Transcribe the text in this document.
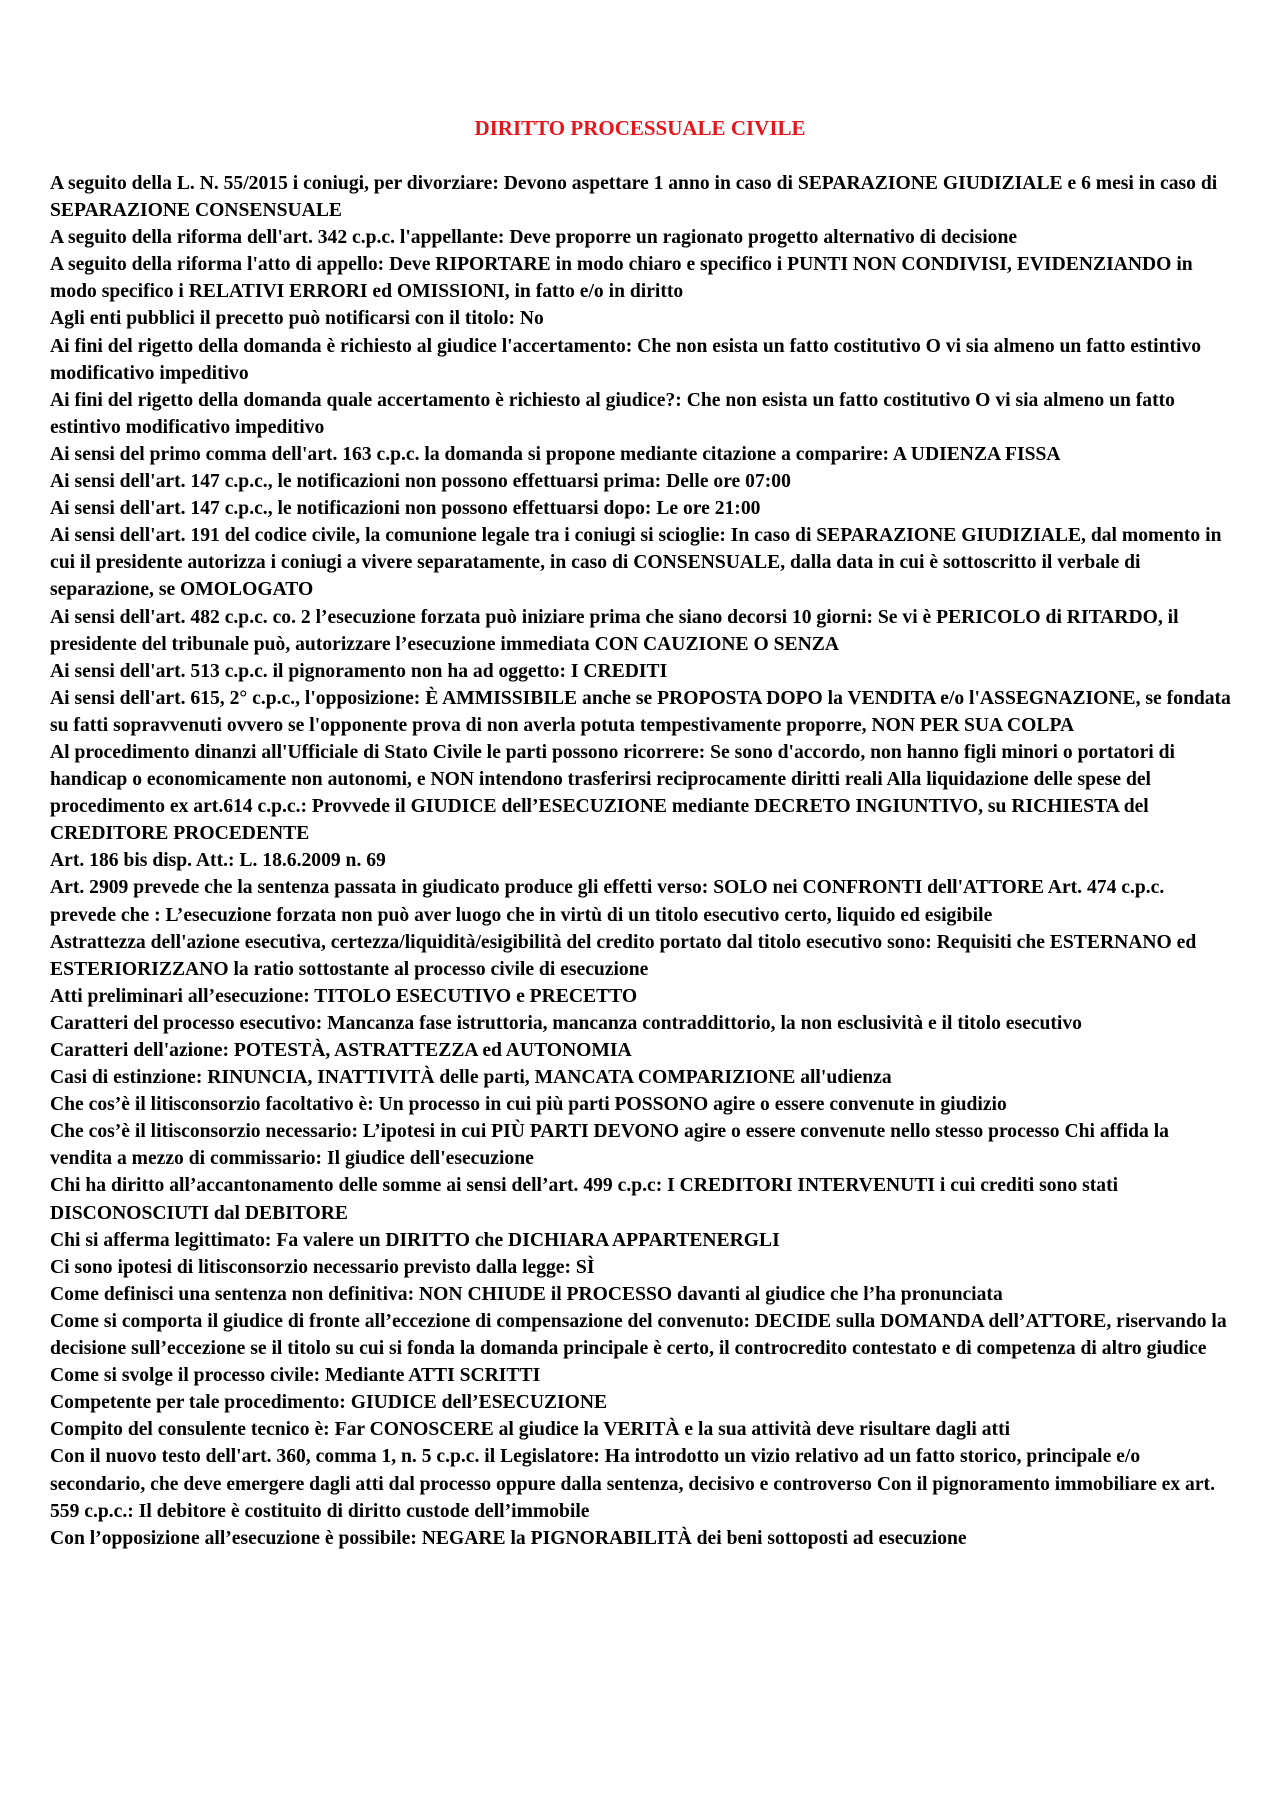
DIRITTO PROCESSUALE CIVILE

A seguito della L. N. 55/2015 i coniugi, per divorziare: Devono aspettare 1 anno in caso di SEPARAZIONE GIUDIZIALE e 6 mesi in caso di SEPARAZIONE CONSENSUALE

A seguito della riforma dell'art. 342 c.p.c. l'appellante: Deve proporre un ragionato progetto alternativo di decisione

A seguito della riforma l'atto di appello: Deve RIPORTARE in modo chiaro e specifico i PUNTI NON CONDIVISI, EVIDENZIANDO in modo specifico i RELATIVI ERRORI ed OMISSIONI, in fatto e/o in diritto

Agli enti pubblici il precetto può notificarsi con il titolo: No

Ai fini del rigetto della domanda è richiesto al giudice l'accertamento: Che non esista un fatto costitutivo O vi sia almeno un fatto estintivo modificativo impeditivo

Ai fini del rigetto della domanda quale accertamento è richiesto al giudice?: Che non esista un fatto costitutivo O vi sia almeno un fatto estintivo modificativo impeditivo

Ai sensi del primo comma dell'art. 163 c.p.c. la domanda si propone mediante citazione a comparire: A UDIENZA FISSA

Ai sensi dell'art. 147 c.p.c., le notificazioni non possono effettuarsi prima: Delle ore 07:00

Ai sensi dell'art. 147 c.p.c., le notificazioni non possono effettuarsi dopo: Le ore 21:00

Ai sensi dell'art. 191 del codice civile, la comunione legale tra i coniugi si scioglie: In caso di SEPARAZIONE GIUDIZIALE, dal momento in cui il presidente autorizza i coniugi a vivere separatamente, in caso di CONSENSUALE, dalla data in cui è sottoscritto il verbale di separazione, se OMOLOGATO

Ai sensi dell'art. 482 c.p.c. co. 2 l’esecuzione forzata può iniziare prima che siano decorsi 10 giorni: Se vi è PERICOLO di RITARDO, il presidente del tribunale può, autorizzare l’esecuzione immediata CON CAUZIONE O SENZA

Ai sensi dell'art. 513 c.p.c. il pignoramento non ha ad oggetto: I CREDITI

Ai sensi dell'art. 615, 2° c.p.c., l'opposizione: È AMMISSIBILE anche se PROPOSTA DOPO la VENDITA e/o l'ASSEGNAZIONE, se fondata su fatti sopravvenuti ovvero se l'opponente prova di non averla potuta tempestivamente proporre, NON PER SUA COLPA

Al procedimento dinanzi all'Ufficiale di Stato Civile le parti possono ricorrere: Se sono d'accordo, non hanno figli minori o portatori di handicap o economicamente non autonomi, e NON intendono trasferirsi reciprocamente diritti reali Alla liquidazione delle spese del procedimento ex art.614 c.p.c.: Provvede il GIUDICE dell’ESECUZIONE mediante DECRETO INGIUNTIVO, su RICHIESTA del CREDITORE PROCEDENTE

Art. 186 bis disp. Att.: L. 18.6.2009 n. 69

Art. 2909 prevede che la sentenza passata in giudicato produce gli effetti verso: SOLO nei CONFRONTI dell'ATTORE Art. 474 c.p.c. prevede che : L’esecuzione forzata non può aver luogo che in virtù di un titolo esecutivo certo, liquido ed esigibile

Astrattezza dell'azione esecutiva, certezza/liquidità/esigibilità del credito portato dal titolo esecutivo sono: Requisiti che ESTERNANO ed ESTERIORIZZANO la ratio sottostante al processo civile di esecuzione

Atti preliminari all’esecuzione: TITOLO ESECUTIVO e PRECETTO

Caratteri del processo esecutivo: Mancanza fase istruttoria, mancanza contraddittorio, la non esclusività e il titolo esecutivo

Caratteri dell'azione: POTESTÀ, ASTRATTEZZA ed AUTONOMIA

Casi di estinzione: RINUNCIA, INATTIVITÀ delle parti, MANCATA COMPARIZIONE all'udienza

Che cos’è il litisconsorzio facoltativo è: Un processo in cui più parti POSSONO agire o essere convenute in giudizio

Che cos’è il litisconsorzio necessario: L’ipotesi in cui PIÙ PARTI DEVONO agire o essere convenute nello stesso processo Chi affida la vendita a mezzo di commissario: Il giudice dell'esecuzione

Chi ha diritto all’accantonamento delle somme ai sensi dell’art. 499 c.p.c: I CREDITORI INTERVENUTI i cui crediti sono stati DISCONOSCIUTI dal DEBITORE

Chi si afferma legittimato: Fa valere un DIRITTO che DICHIARA APPARTENERGLI

Ci sono ipotesi di litisconsorzio necessario previsto dalla legge: SÌ

Come definisci una sentenza non definitiva: NON CHIUDE il PROCESSO davanti al giudice che l’ha pronunciata

Come si comporta il giudice di fronte all’eccezione di compensazione del convenuto: DECIDE sulla DOMANDA dell’ATTORE, riservando la decisione sull’eccezione se il titolo su cui si fonda la domanda principale è certo, il controcredito contestato e di competenza di altro giudice

Come si svolge il processo civile: Mediante ATTI SCRITTI

Competente per tale procedimento: GIUDICE dell’ESECUZIONE

Compito del consulente tecnico è: Far CONOSCERE al giudice la VERITÀ e la sua attività deve risultare dagli atti

Con il nuovo testo dell'art. 360, comma 1, n. 5 c.p.c. il Legislatore: Ha introdotto un vizio relativo ad un fatto storico, principale e/o secondario, che deve emergere dagli atti dal processo oppure dalla sentenza, decisivo e controverso Con il pignoramento immobiliare ex art. 559 c.p.c.: Il debitore è costituito di diritto custode dell’immobile

Con l’opposizione all’esecuzione è possibile: NEGARE la PIGNORABILITÀ dei beni sottoposti ad esecuzione
